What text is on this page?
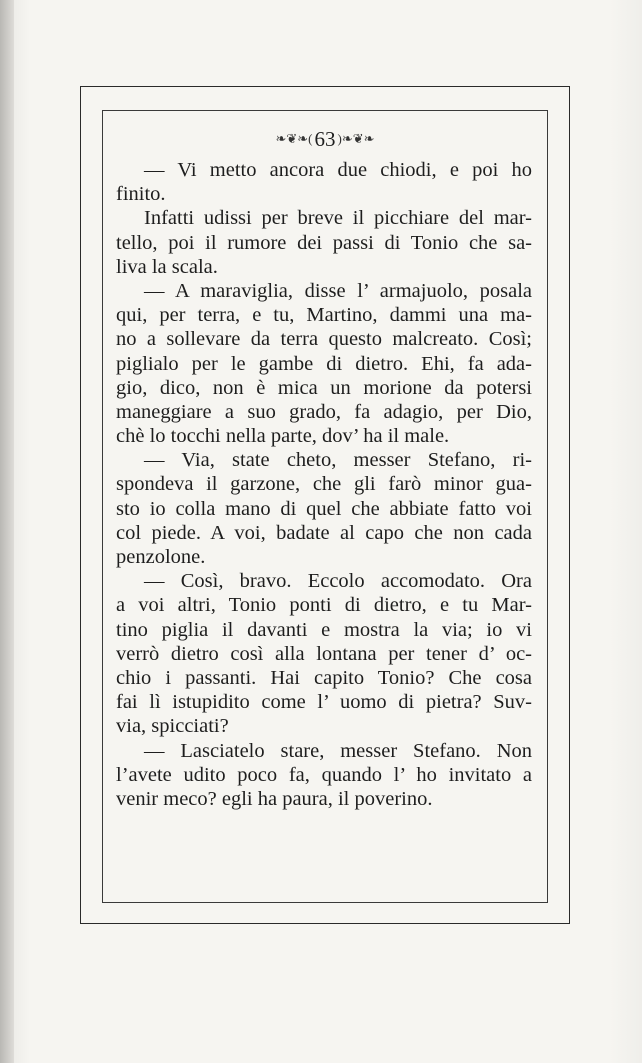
❧❦❧( 63 )❧❦❧
— Vi metto ancora due chiodi, e poi ho
finito.
Infatti udissi per breve il picchiare del mar-
tello, poi il rumore dei passi di Tonio che sa-
liva la scala.
— A maraviglia, disse l’ armajuolo, posala
qui, per terra, e tu, Martino, dammi una ma-
no a sollevare da terra questo malcreato. Così;
piglialo per le gambe di dietro. Ehi, fa ada-
gio, dico, non è mica un morione da potersi
maneggiare a suo grado, fa adagio, per Dio,
chè lo tocchi nella parte, dov’ ha il male.
— Via, state cheto, messer Stefano, ri-
spondeva il garzone, che gli farò minor gua-
sto io colla mano di quel che abbiate fatto voi
col piede. A voi, badate al capo che non cada
penzolone.
— Così, bravo. Eccolo accomodato. Ora
a voi altri, Tonio ponti di dietro, e tu Mar-
tino piglia il davanti e mostra la via; io vi
verrò dietro così alla lontana per tener d’ oc-
chio i passanti. Hai capito Tonio? Che cosa
fai lì istupidito come l’ uomo di pietra? Suv-
via, spicciati?
— Lasciatelo stare, messer Stefano. Non
l’avete udito poco fa, quando l’ ho invitato a
venir meco? egli ha paura, il poverino.
